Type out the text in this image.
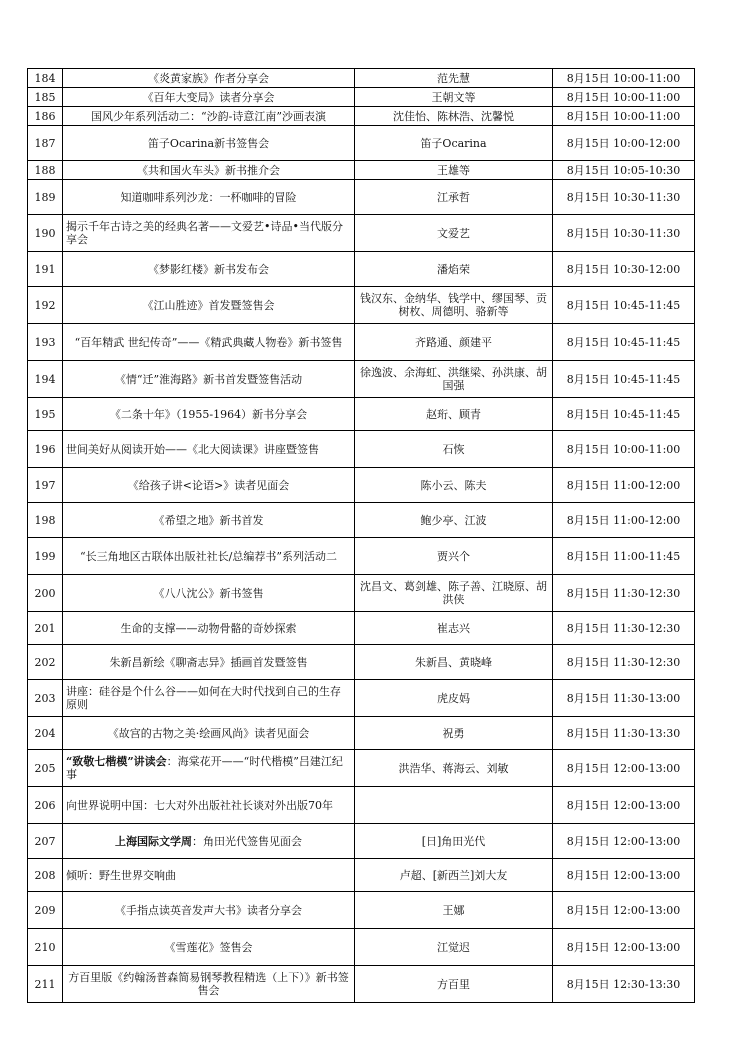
184	《炎黄家族》作者分享会	范先慧	8月15日 10:00-11:00
185	《百年大变局》读者分享会	王朝文等	8月15日 10:00-11:00
186	国风少年系列活动二：“沙韵-诗意江南”沙画表演	沈佳怡、陈林浩、沈馨悦	8月15日 10:00-11:00
187	笛子Ocarina新书签售会	笛子Ocarina	8月15日 10:00-12:00
188	《共和国火车头》新书推介会	王雄等	8月15日 10:05-10:30
189	知道咖啡系列沙龙：一杯咖啡的冒险	江承哲	8月15日 10:30-11:30
190	揭示千年古诗之美的经典名著——文爱艺•诗品•当代版分享会	文爱艺	8月15日 10:30-11:30
191	《梦影红楼》新书发布会	潘焰荣	8月15日 10:30-12:00
192	《江山胜迹》首发暨签售会	钱汉东、金纳华、钱学中、缪国琴、贡树枚、周德明、骆新等	8月15日 10:45-11:45
193	“百年精武 世纪传奇”——《精武典藏人物卷》新书签售	齐路通、颜建平	8月15日 10:45-11:45
194	《情“迁”淮海路》新书首发暨签售活动	徐逸波、余海虹、洪继梁、孙洪康、胡国强	8月15日 10:45-11:45
195	《二条十年》（1955-1964）新书分享会	赵珩、顾青	8月15日 10:45-11:45
196	世间美好从阅读开始——《北大阅读课》讲座暨签售	石恢	8月15日 10:00-11:00
197	《给孩子讲<论语>》读者见面会	陈小云、陈夫	8月15日 11:00-12:00
198	《希望之地》新书首发	鲍少亭、江波	8月15日 11:00-12:00
199	“长三角地区古联体出版社社长/总编荐书”系列活动二	贾兴个	8月15日 11:00-11:45
200	《八八沈公》新书签售	沈昌文、葛剑雄、陈子善、江晓原、胡洪侠	8月15日 11:30-12:30
201	生命的支撑——动物骨骼的奇妙探索	崔志兴	8月15日 11:30-12:30
202	朱新昌新绘《聊斋志异》插画首发暨签售	朱新昌、黄晓峰	8月15日 11:30-12:30
203	讲座：硅谷是个什么谷——如何在大时代找到自己的生存原则	虎皮妈	8月15日 11:30-13:00
204	《故宫的古物之美·绘画风尚》读者见面会	祝勇	8月15日 11:30-13:30
205	“致敬七楷模”讲读会：海棠花开——“时代楷模”吕建江纪事	洪浩华、蒋海云、刘敏	8月15日 12:00-13:00
206	向世界说明中国：七大对外出版社社长谈对外出版70年		8月15日 12:00-13:00
207	上海国际文学周：角田光代签售见面会	[日]角田光代	8月15日 12:00-13:00
208	倾听：野生世界交响曲	卢超、[新西兰]刘大友	8月15日 12:00-13:00
209	《手指点读英音发声大书》读者分享会	王娜	8月15日 12:00-13:00
210	《雪莲花》签售会	江觉迟	8月15日 12:00-13:00
211	方百里版《约翰汤普森简易钢琴教程精选（上下）》新书签售会	方百里	8月15日 12:30-13:30
